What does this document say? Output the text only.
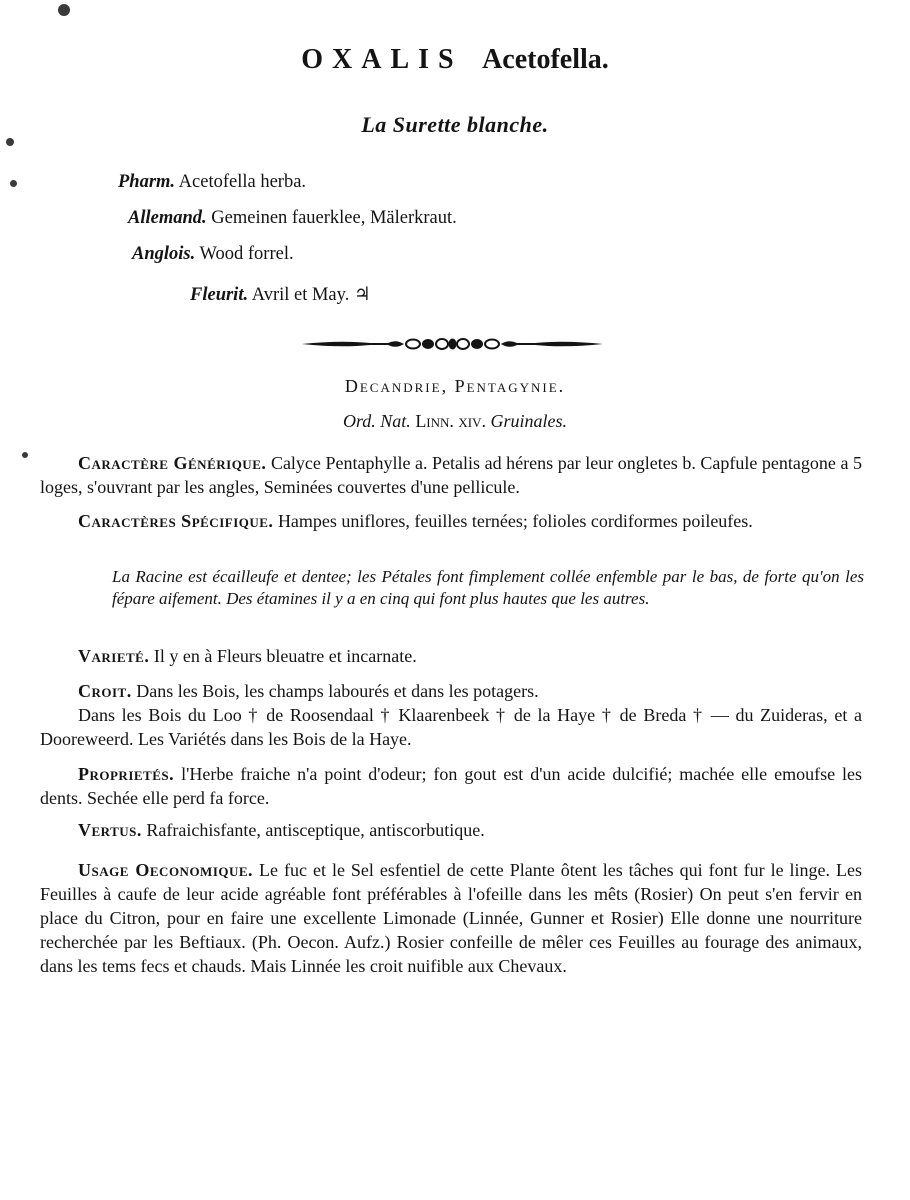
OXALIS Acetofella.
La Surette blanche.
Pharm. Acetofella herba.
Allemand. Gemeinen fauerklee, Mälerkraut.
Anglois. Wood forrel.
Fleurit. Avril et May. ♃
Decandrie, Pentagynie.
Ord. Nat. Linn. xiv. Gruinales.
Caractère Générique. Calyce Pentaphylle a. Petalis ad hérens par leur ongletes b. Capfule pentagone a 5 loges, s'ouvrant par les angles, Seminées couvertes d'une pellicule.
Caractères Spécifique. Hampes uniflores, feuilles ternées; folioles cordiformes poileufes.
La Racine est écailleufe et dentee; les Pétales font fimplement collée enfemble par le bas, de forte qu'on les fépare aifement. Des étamines il y a en cinq qui font plus hautes que les autres.
Varieté. Il y en à Fleurs bleuatre et incarnate.
Croit. Dans les Bois, les champs labourés et dans les potagers.
Dans les Bois du Loo † de Roosendaal † Klaarenbeek † de la Haye † de Breda † — du Zuideras, et a Dooreweerd. Les Variétés dans les Bois de la Haye.
Proprietés. l'Herbe fraiche n'a point d'odeur; fon gout est d'un acide dulcifié; machée elle emoufse les dents. Sechée elle perd fa force.
Vertus. Rafraichisfante, antisceptique, antiscorbutique.
Usage Oeconomique. Le fuc et le Sel esfentiel de cette Plante ôtent les tâches qui font fur le linge. Les Feuilles à caufe de leur acide agréable font préférables à l'ofeille dans les mêts (Rosier) On peut s'en fervir en place du Citron, pour en faire une excellente Limonade (Linnée, Gunner et Rosier) Elle donne une nourriture recherchée par les Beftiaux. (Ph. Oecon. Aufz.) Rosier confeille de mêler ces Feuilles au fourage des animaux, dans les tems fecs et chauds. Mais Linnée les croit nuifible aux Chevaux.
